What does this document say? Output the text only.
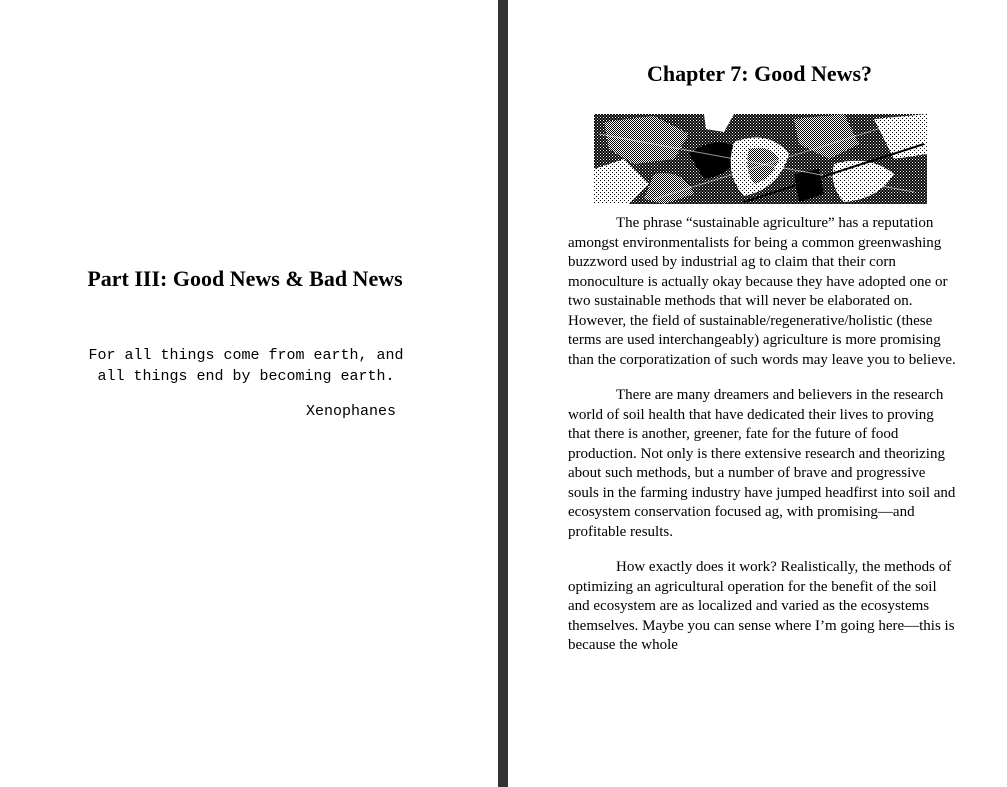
Part III: Good News & Bad News

For all things come from earth, and
all things end by becoming earth.

Xenophanes

Chapter 7: Good News?

The phrase “sustainable agriculture” has a reputation amongst environmentalists for being a common greenwashing buzzword used by industrial ag to claim that their corn monoculture is actually okay because they have adopted one or two sustainable methods that will never be elaborated on. However, the field of sustainable/regenerative/holistic (these terms are used interchangeably) agriculture is more promising than the corporatization of such words may leave you to believe.

There are many dreamers and believers in the research world of soil health that have dedicated their lives to proving that there is another, greener, fate for the future of food production. Not only is there extensive research and theorizing about such methods, but a number of brave and progressive souls in the farming industry have jumped headfirst into soil and ecosystem conservation focused ag, with promising—and profitable results.

How exactly does it work? Realistically, the methods of optimizing an agricultural operation for the benefit of the soil and ecosystem are as localized and varied as the ecosystems themselves. Maybe you can sense where I’m going here—this is because the whole
